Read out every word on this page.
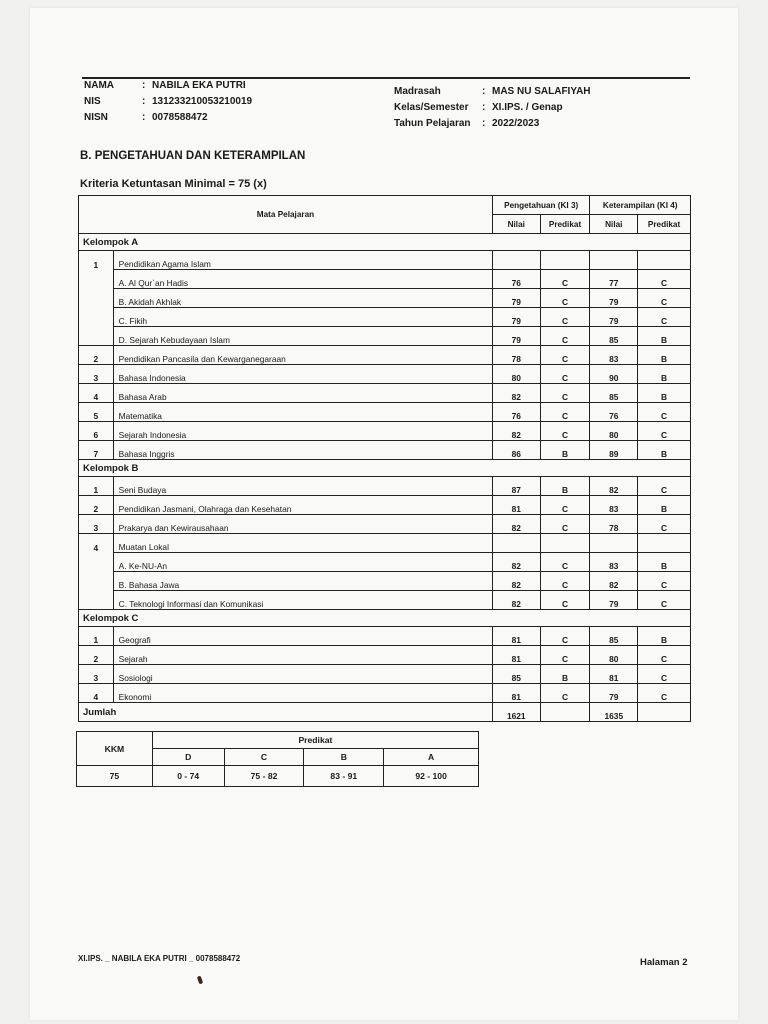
NAMA	: NABILA EKA PUTRI
NIS	: 131233210053210019
NISN	: 0078588472
Madrasah	: MAS NU SALAFIYAH
Kelas/Semester	: XI.IPS. / Genap
Tahun Pelajaran	: 2022/2023
B. PENGETAHUAN DAN KETERAMPILAN
Kriteria Ketuntasan Minimal = 75 (x)
Mata Pelajaran		Pengetahuan (KI 3)		Keterampilan (KI 4)	
		Nilai	Predikat	Nilai	Predikat
Kelompok A					
1	Pendidikan Agama Islam				
	A. Al Qur`an Hadis	76	C	77	C
	B. Akidah Akhlak	79	C	79	C
	C. Fikih	79	C	79	C
	D. Sejarah Kebudayaan Islam	79	C	85	B
2	Pendidikan Pancasila dan Kewarganegaraan	78	C	83	B
3	Bahasa Indonesia	80	C	90	B
4	Bahasa Arab	82	C	85	B
5	Matematika	76	C	76	C
6	Sejarah Indonesia	82	C	80	C
7	Bahasa Inggris	86	B	89	B
Kelompok B					
1	Seni Budaya	87	B	82	C
2	Pendidikan Jasmani, Olahraga dan Kesehatan	81	C	83	B
3	Prakarya dan Kewirausahaan	82	C	78	C
4	Muatan Lokal				
	A. Ke-NU-An	82	C	83	B
	B. Bahasa Jawa	82	C	82	C
	C. Teknologi Informasi dan Komunikasi	82	C	79	C
Kelompok C					
1	Geografi	81	C	85	B
2	Sejarah	81	C	80	C
3	Sosiologi	85	B	81	C
4	Ekonomi	81	C	79	C
Jumlah		1621		1635	
KKM	Predikat			
	D	C	B	A
75	0 - 74	75 - 82	83 - 91	92 - 100
XI.IPS. _ NABILA EKA PUTRI _ 0078588472	Halaman 2
